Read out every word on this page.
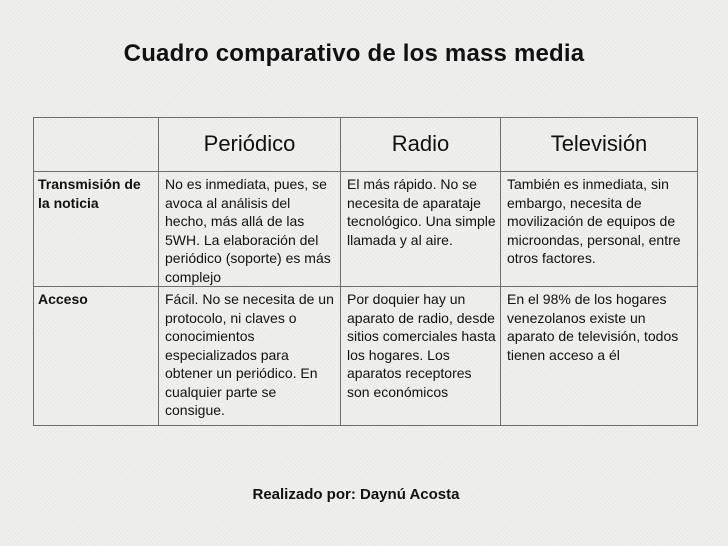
Cuadro comparativo de los mass media
	Periódico	Radio	Televisión
Transmisión de la noticia	No es inmediata, pues, se avoca al análisis del hecho, más allá de las 5WH. La elaboración del periódico (soporte) es más complejo	El más rápido. No se necesita de aparataje tecnológico. Una simple llamada y al aire.	También es inmediata, sin embargo, necesita de movilización de equipos de microondas, personal, entre otros factores.
Acceso	Fácil. No se necesita de un protocolo, ni claves o conocimientos especializados para obtener un periódico. En cualquier parte se consigue.	Por doquier hay un aparato de radio, desde sitios comerciales hasta los hogares. Los aparatos receptores son económicos	En el 98% de los hogares venezolanos existe un aparato de televisión, todos tienen acceso a él
Realizado por: Daynú Acosta
